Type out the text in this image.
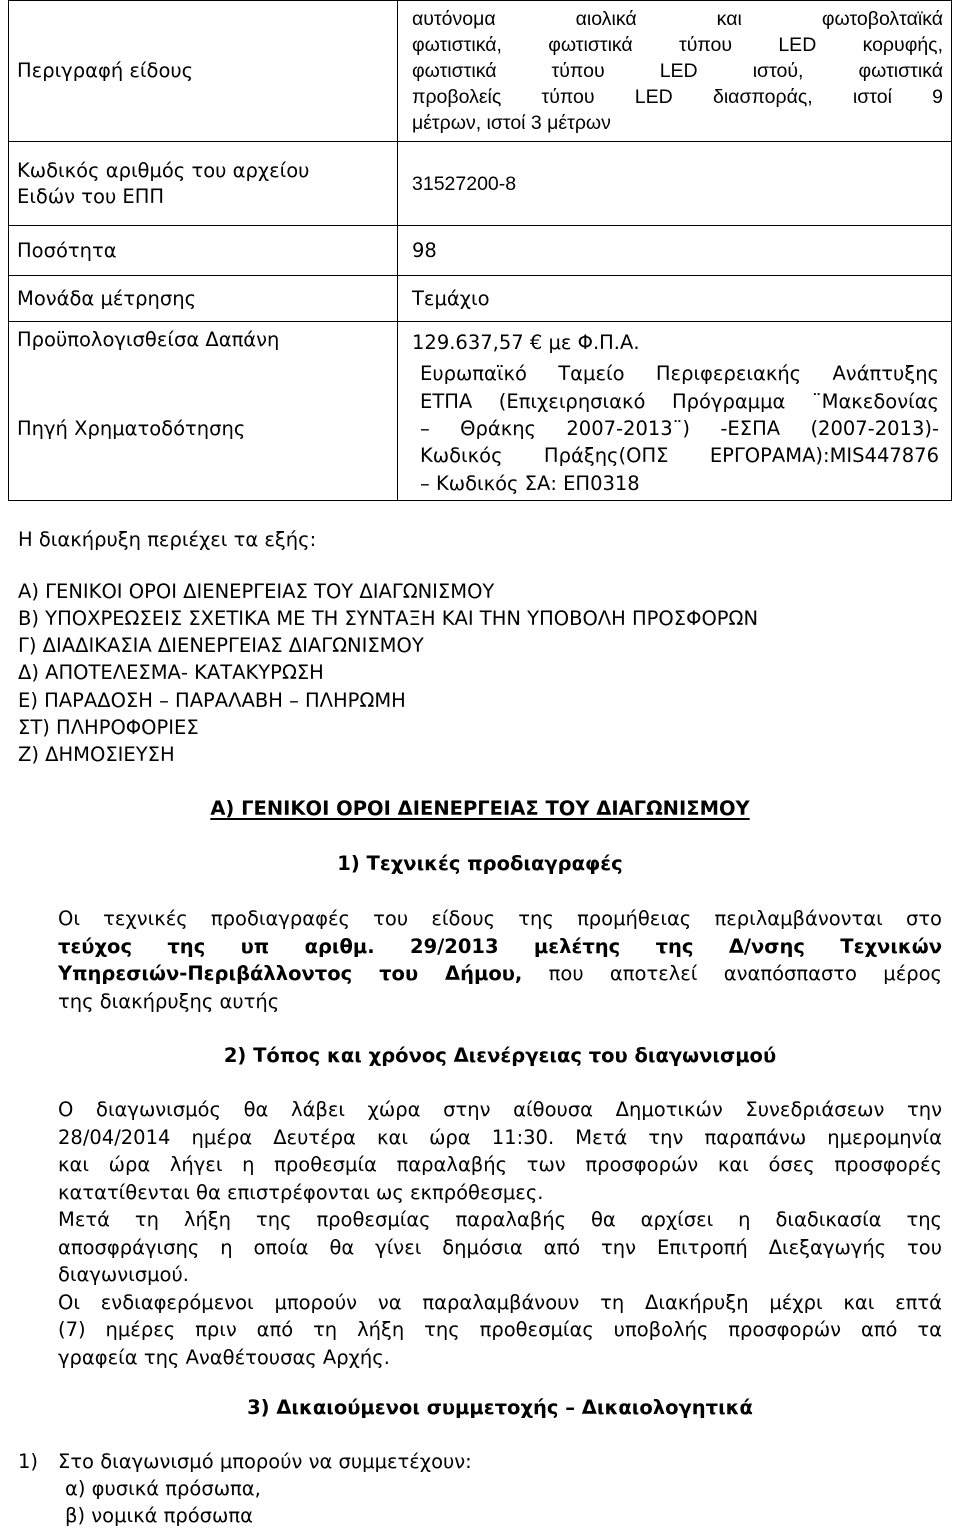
Περιγραφή είδους	αυτόνομα αιολικά και φωτοβολταϊκά
φωτιστικά, φωτιστικά τύπου LED κορυφής,
φωτιστικά τύπου LED ιστού, φωτιστικά
προβολείς τύπου LED διασποράς, ιστοί 9
μέτρων, ιστοί 3 μέτρων

Κωδικός αριθμός του αρχείου
Ειδών του ΕΠΠ	31527200-8
Ποσότητα	98
Μονάδα μέτρησης	Τεμάχιο
Προϋπολογισθείσα Δαπάνη	129.637,57 € με Φ.Π.Α.
Πηγή Χρηματοδότησης	Ευρωπαϊκό Ταμείο Περιφερειακής Ανάπτυξης
ΕΤΠΑ (Επιχειρησιακό Πρόγραμμα ¨Μακεδονίας
– Θράκης 2007-2013¨) -ΕΣΠΑ (2007-2013)-
Κωδικός Πράξης(ΟΠΣ ΕΡΓΟΡΑΜΑ):MIS447876
– Κωδικός ΣΑ: ΕΠ0318
Η διακήρυξη περιέχει τα εξής:
Α) ΓΕΝΙΚΟΙ ΟΡΟΙ ΔΙΕΝΕΡΓΕΙΑΣ ΤΟΥ ΔΙΑΓΩΝΙΣΜΟΥ
Β) ΥΠΟΧΡΕΩΣΕΙΣ ΣΧΕΤΙΚΑ ΜΕ ΤΗ ΣΥΝΤΑΞΗ ΚΑΙ ΤΗΝ ΥΠΟΒΟΛΗ ΠΡΟΣΦΟΡΩΝ
Γ) ΔΙΑΔΙΚΑΣΙΑ ΔΙΕΝΕΡΓΕΙΑΣ ΔΙΑΓΩΝΙΣΜΟΥ
Δ) ΑΠΟΤΕΛΕΣΜΑ- ΚΑΤΑΚΥΡΩΣΗ
Ε) ΠΑΡΑΔΟΣΗ – ΠΑΡΑΛΑΒΗ – ΠΛΗΡΩΜΗ
ΣΤ) ΠΛΗΡΟΦΟΡΙΕΣ
Ζ) ΔΗΜΟΣΙΕΥΣΗ
Α) ΓΕΝΙΚΟΙ ΟΡΟΙ ΔΙΕΝΕΡΓΕΙΑΣ ΤΟΥ ΔΙΑΓΩΝΙΣΜΟΥ
1) Τεχνικές προδιαγραφές
Οι τεχνικές προδιαγραφές του είδους της προμήθειας περιλαμβάνονται στο
τεύχος της υπ αριθμ. 29/2013 μελέτης της Δ/νσης Τεχνικών
Υπηρεσιών-Περιβάλλοντος του Δήμου, που αποτελεί αναπόσπαστο μέρος
της διακήρυξης αυτής
2) Τόπος και χρόνος Διενέργειας του διαγωνισμού
Ο διαγωνισμός θα λάβει χώρα στην αίθουσα Δημοτικών Συνεδριάσεων την
28/04/2014 ημέρα Δευτέρα και ώρα 11:30. Μετά την παραπάνω ημερομηνία
και ώρα λήγει η προθεσμία παραλαβής των προσφορών και όσες προσφορές
κατατίθενται θα επιστρέφονται ως εκπρόθεσμες.
Μετά τη λήξη της προθεσμίας παραλαβής θα αρχίσει η διαδικασία της
αποσφράγισης η οποία θα γίνει δημόσια από την Επιτροπή Διεξαγωγής του
διαγωνισμού.
Οι ενδιαφερόμενοι μπορούν να παραλαμβάνουν τη Διακήρυξη μέχρι και επτά
(7) ημέρες πριν από τη λήξη της προθεσμίας υποβολής προσφορών από τα
γραφεία της Αναθέτουσας Αρχής.
3) Δικαιούμενοι συμμετοχής – Δικαιολογητικά
1) Στο διαγωνισμό μπορούν να συμμετέχουν:
α) φυσικά πρόσωπα,
β) νομικά πρόσωπα
